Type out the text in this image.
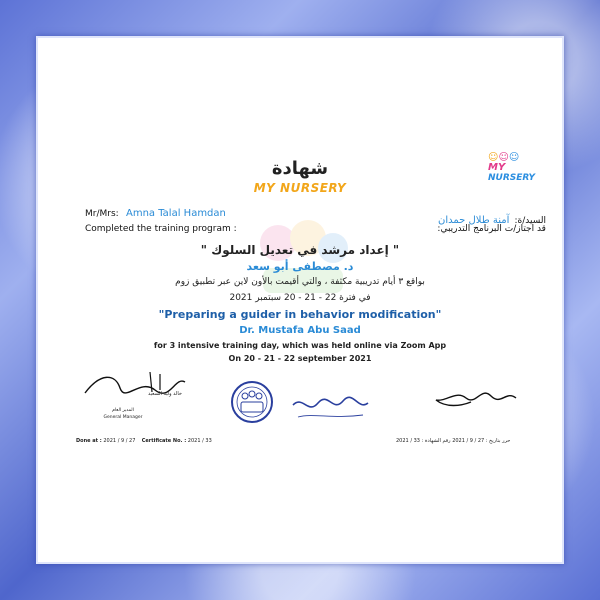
☺☺☺
MY
NURSERY
شهادة
MY NURSERY
Mr/Mrs: Amna Talal Hamdan
Completed the training program :
السيد/ة: آمنة طلال حمدان
قد اجتاز/ت البرنامج التدريبي:
" إعداد مرشد في تعديل السلوك "
د. مصطفى أبو سعد
بواقع ٣ أيام تدريبية مكثفة ، والتي أقيمت بالأون لاين عبر تطبيق زوم
في فترة 22 - 21 - 20 سبتمبر 2021
"Preparing a guider in behavior modification"
Dr. Mustafa Abu Saad
for 3 intensive training day, which was held online via Zoom App
On 20 - 21 - 22 september 2021
خالد وليد السعيد
المدير العام
General Manager
Done at : 2021 / 9 / 27 Certificate No. : 2021 / 33	2021 / 33 رقم الشهادة : 2021 / 9 / 27 حرر بتاريخ :
